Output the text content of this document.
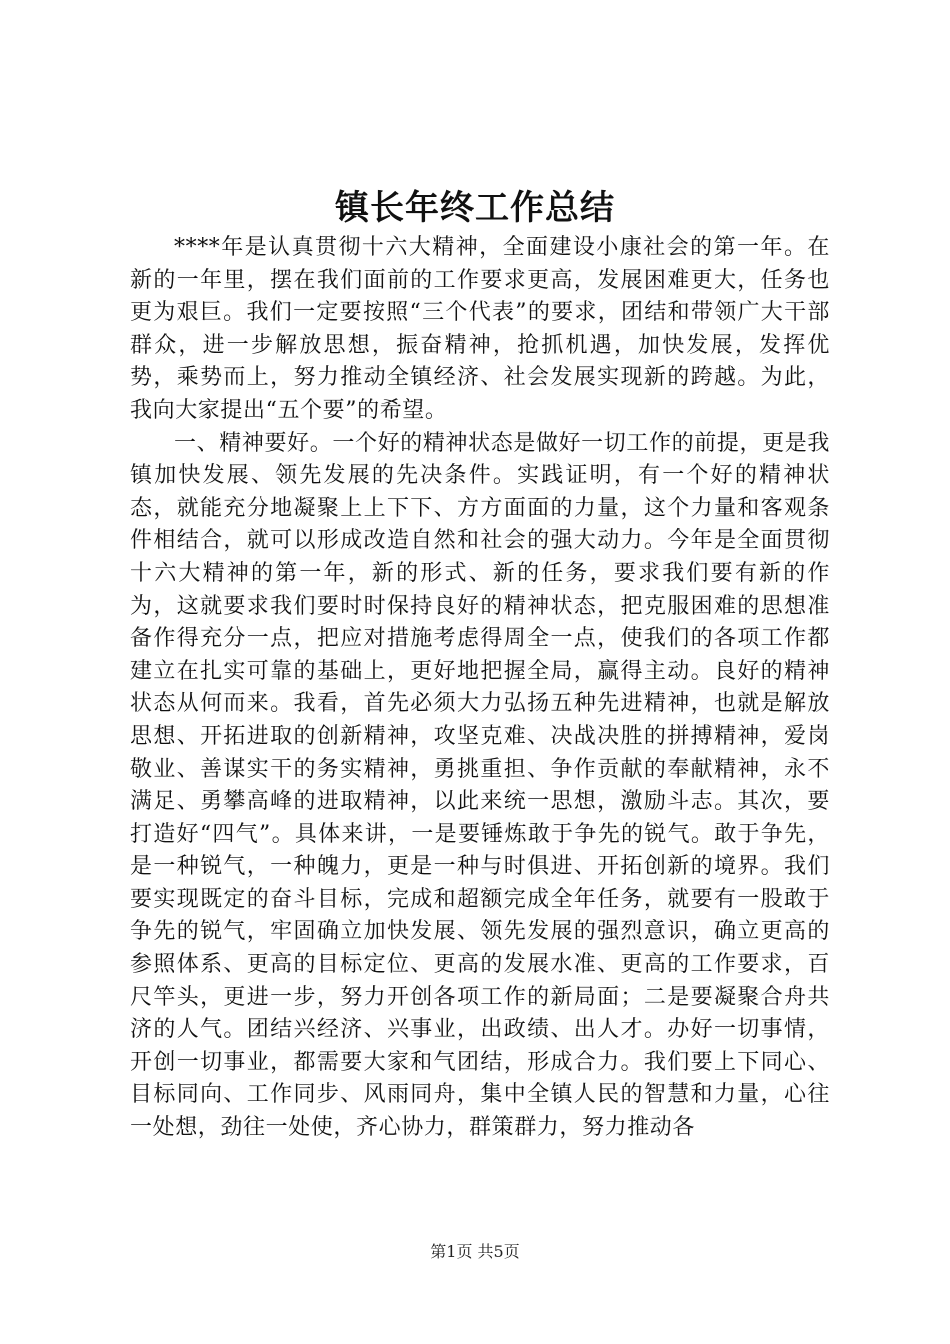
镇长年终工作总结

****年是认真贯彻十六大精神，全面建设小康社会的第一年。在新的一年里，摆在我们面前的工作要求更高，发展困难更大，任务也更为艰巨。我们一定要按照“三个代表”的要求，团结和带领广大干部群众，进一步解放思想，振奋精神，抢抓机遇，加快发展，发挥优势，乘势而上，努力推动全镇经济、社会发展实现新的跨越。为此，我向大家提出“五个要”的希望。

一、精神要好。一个好的精神状态是做好一切工作的前提，更是我镇加快发展、领先发展的先决条件。实践证明，有一个好的精神状态，就能充分地凝聚上上下下、方方面面的力量，这个力量和客观条件相结合，就可以形成改造自然和社会的强大动力。今年是全面贯彻十六大精神的第一年，新的形式、新的任务，要求我们要有新的作为，这就要求我们要时时保持良好的精神状态，把克服困难的思想准备作得充分一点，把应对措施考虑得周全一点，使我们的各项工作都建立在扎实可靠的基础上，更好地把握全局，赢得主动。良好的精神状态从何而来。我看，首先必须大力弘扬五种先进精神，也就是解放思想、开拓进取的创新精神，攻坚克难、决战决胜的拼搏精神，爱岗敬业、善谋实干的务实精神，勇挑重担、争作贡献的奉献精神，永不满足、勇攀高峰的进取精神，以此来统一思想，激励斗志。其次，要打造好“四气”。具体来讲，一是要锤炼敢于争先的锐气。敢于争先，是一种锐气，一种魄力，更是一种与时俱进、开拓创新的境界。我们要实现既定的奋斗目标，完成和超额完成全年任务，就要有一股敢于争先的锐气，牢固确立加快发展、领先发展的强烈意识，确立更高的参照体系、更高的目标定位、更高的发展水准、更高的工作要求，百尺竿头，更进一步，努力开创各项工作的新局面；二是要凝聚合舟共济的人气。团结兴经济、兴事业，出政绩、出人才。办好一切事情，开创一切事业，都需要大家和气团结，形成合力。我们要上下同心、目标同向、工作同步、风雨同舟，集中全镇人民的智慧和力量，心往一处想，劲往一处使，齐心协力，群策群力，努力推动各

第1页 共5页
